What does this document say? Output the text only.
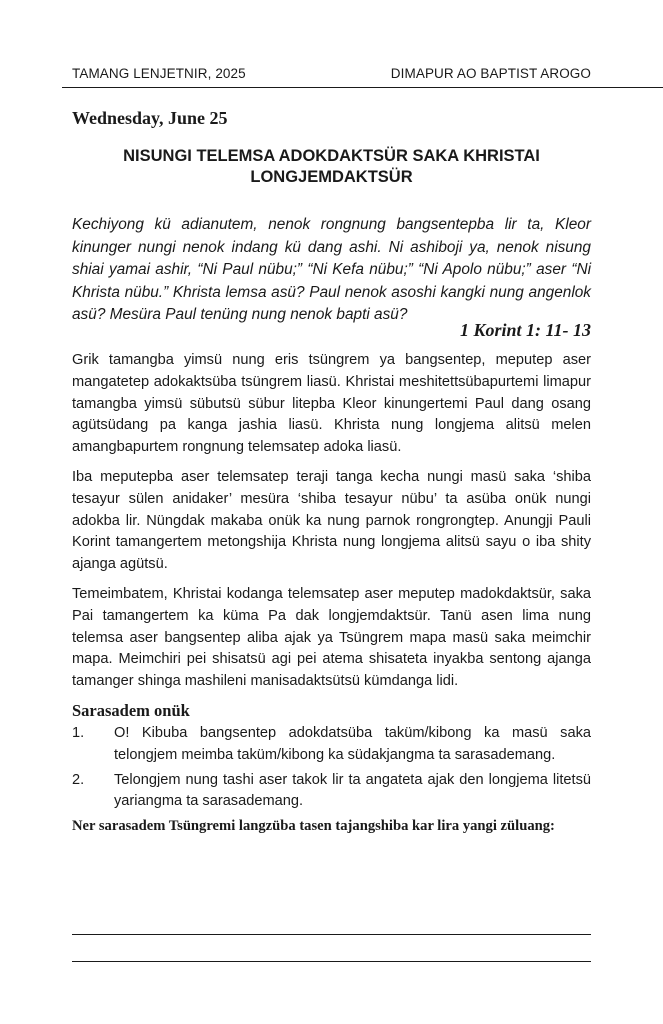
TAMANG LENJETNIR, 2025	DIMAPUR AO BAPTIST AROGO
Wednesday, June 25
NISUNGI TELEMSA ADOKDAKTSÜR SAKA KHRISTAI LONGJEMDAKTSÜR
Kechiyong kü adianutem, nenok rongnung bangsentepba lir ta, Kleor kinunger nungi nenok indang kü dang ashi. Ni ashiboji ya, nenok nisung shiai yamai ashir, “Ni Paul nübu;” “Ni Kefa nübu;” “Ni Apolo nübu;” aser “Ni Khrista nübu.” Khrista lemsa asü? Paul nenok asoshi kangki nung angenlok asü? Mesüra Paul tenüng nung nenok bapti asü?
1 Korint 1: 11- 13

Grik tamangba yimsü nung eris tsüngrem ya bangsentep, meputep aser mangatetep adokaktsüba tsüngrem liasü. Khristai meshitettsübapurtemi limapur tamangba yimsü sübutsü sübur litepba Kleor kinungertemi Paul dang osang agütsüdang pa kanga jashia liasü. Khrista nung longjema alitsü melen amangbapurtem rongnung telemsatep adoka liasü.

Iba meputepba aser telemsatep teraji tanga kecha nungi masü saka ‘shiba tesayur sülen anidaker’ mesüra ‘shiba tesayur nübu’ ta asüba onük nungi adokba lir. Nüngdak makaba onük ka nung parnok rongrongtep. Anungji Pauli Korint tamangertem metongshija Khrista nung longjema alitsü sayu o iba shity ajanga agütsü.

Temeimbatem, Khristai kodanga telemsatep aser meputep madokdaktsür, saka Pai tamangertem ka küma Pa dak longjemdaktsür. Tanü asen lima nung telemsa aser bangsentep aliba ajak ya Tsüngrem mapa masü saka meimchir mapa. Meimchiri pei shisatsü agi pei atema shisateta inyakba sentong ajanga tamanger shinga mashileni manisadaktsütsü kümdanga lidi.

Sarasadem onük
1.	O! Kibuba bangsentep adokdatsüba taküm/kibong ka masü saka telongjem meimba taküm/kibong ka südakjangma ta sarasademang.
2.	Telongjem nung tashi aser takok lir ta angateta ajak den longjema litetsü yariangma ta sarasademang.
Ner sarasadem Tsüngremi langzüba tasen tajangshiba kar lira yangi züluang:
